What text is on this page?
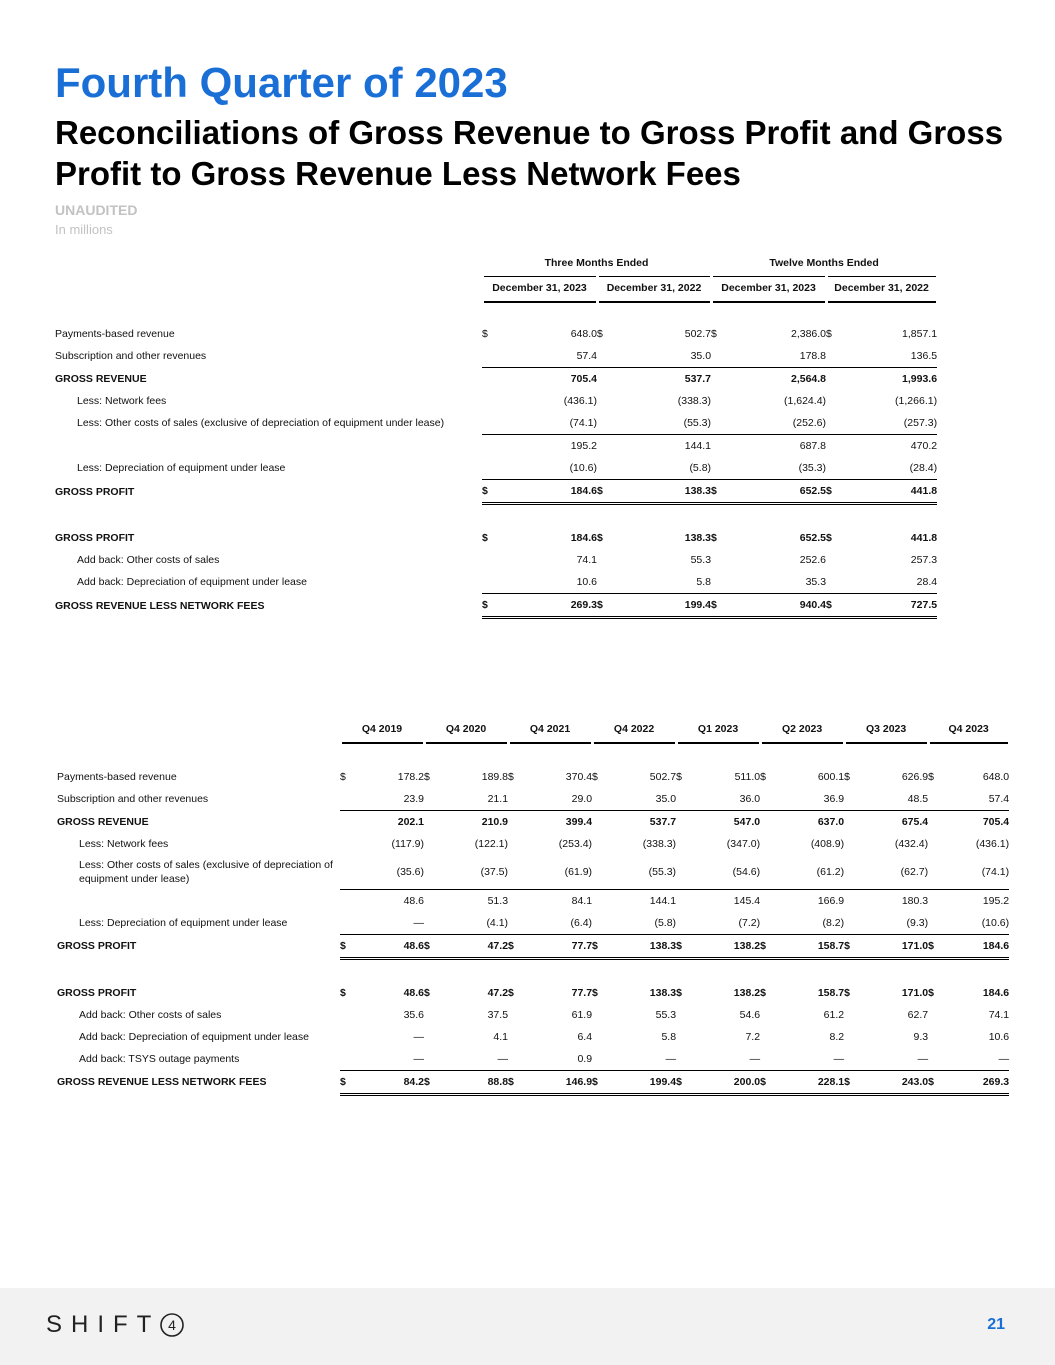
Fourth Quarter of 2023
Reconciliations of Gross Revenue to Gross Profit and Gross Profit to Gross Revenue Less Network Fees
UNAUDITED
In millions
	Three Months Ended				Twelve Months Ended			
	December 31, 2023		December 31, 2022		December 31, 2023		December 31, 2022	

Payments-based revenue	$	648.0	$	502.7	$	2,386.0	$	1,857.1
Subscription and other revenues		57.4		35.0		178.8		136.5
GROSS REVENUE		705.4		537.7		2,564.8		1,993.6
Less: Network fees		(436.1)		(338.3)		(1,624.4)		(1,266.1)
Less: Other costs of sales (exclusive of depreciation of equipment under lease)		(74.1)		(55.3)		(252.6)		(257.3)
		195.2		144.1		687.8		470.2
Less: Depreciation of equipment under lease		(10.6)		(5.8)		(35.3)		(28.4)
GROSS PROFIT	$	184.6	$	138.3	$	652.5	$	441.8

GROSS PROFIT	$	184.6	$	138.3	$	652.5	$	441.8
Add back: Other costs of sales		74.1		55.3		252.6		257.3
Add back: Depreciation of equipment under lease		10.6		5.8		35.3		28.4
GROSS REVENUE LESS NETWORK FEES	$	269.3	$	199.4	$	940.4	$	727.5
	Q4 2019		Q4 2020		Q4 2021		Q4 2022		Q1 2023		Q2 2023		Q3 2023		Q4 2023	

Payments-based revenue	$	178.2	$	189.8	$	370.4	$	502.7	$	511.0	$	600.1	$	626.9	$	648.0
Subscription and other revenues		23.9		21.1		29.0		35.0		36.0		36.9		48.5		57.4
GROSS REVENUE		202.1		210.9		399.4		537.7		547.0		637.0		675.4		705.4
Less: Network fees		(117.9)		(122.1)		(253.4)		(338.3)		(347.0)		(408.9)		(432.4)		(436.1)
Less: Other costs of sales (exclusive of depreciation of equipment under lease)		(35.6)		(37.5)		(61.9)		(55.3)		(54.6)		(61.2)		(62.7)		(74.1)
		48.6		51.3		84.1		144.1		145.4		166.9		180.3		195.2
Less: Depreciation of equipment under lease		—		(4.1)		(6.4)		(5.8)		(7.2)		(8.2)		(9.3)		(10.6)
GROSS PROFIT	$	48.6	$	47.2	$	77.7	$	138.3	$	138.2	$	158.7	$	171.0	$	184.6

GROSS PROFIT	$	48.6	$	47.2	$	77.7	$	138.3	$	138.2	$	158.7	$	171.0	$	184.6
Add back: Other costs of sales		35.6		37.5		61.9		55.3		54.6		61.2		62.7		74.1
Add back: Depreciation of equipment under lease		—		4.1		6.4		5.8		7.2		8.2		9.3		10.6
Add back: TSYS outage payments		—		—		0.9		—		—		—		—		—
GROSS REVENUE LESS NETWORK FEES	$	84.2	$	88.8	$	146.9	$	199.4	$	200.0	$	228.1	$	243.0	$	269.3
SHIFT 4	21
